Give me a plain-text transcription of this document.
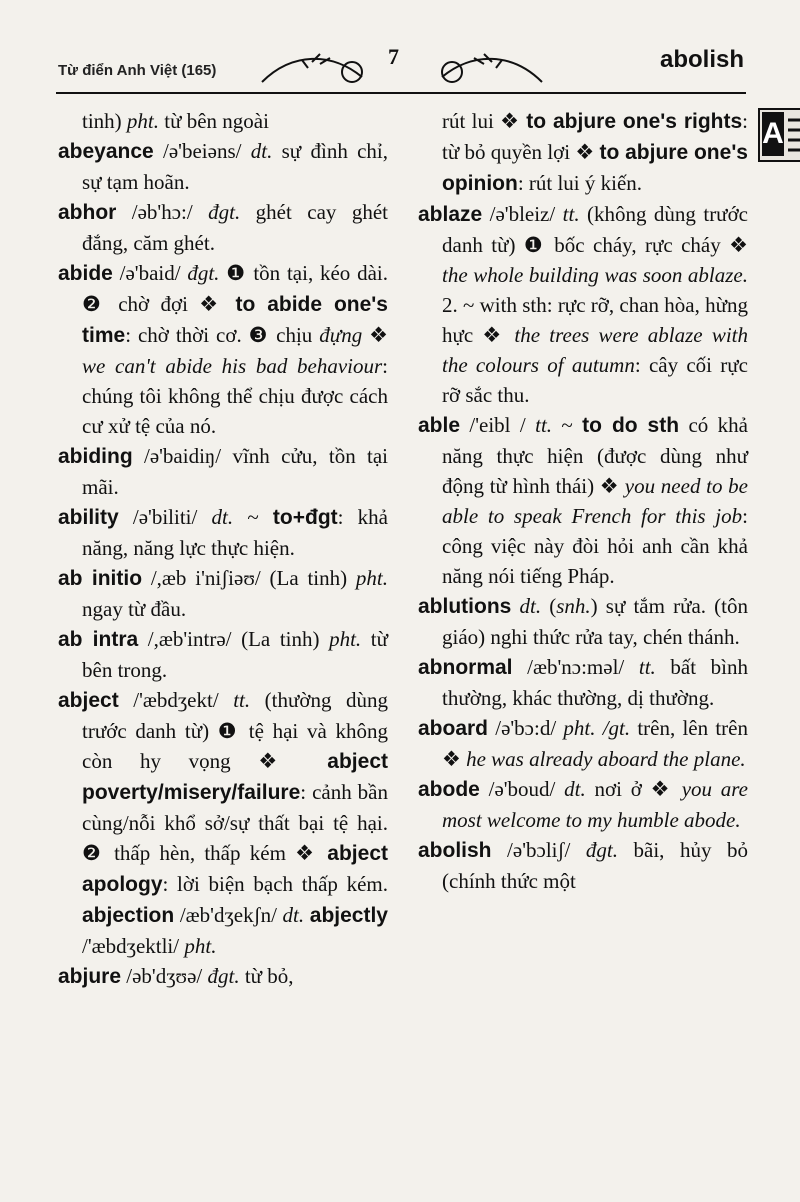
Từ điển Anh Việt (165)

7	abolish

A

tinh) pht. từ bên ngoài

abeyance /ə'beiəns/ dt. sự đình chỉ, sự tạm hoãn.

abhor /əb'hɔ:/ đgt. ghét cay ghét đắng, căm ghét.

abide /ə'baid/ đgt. ❶ tồn tại, kéo dài. ❷ chờ đợi ❖ to abide one's time: chờ thời cơ. ❸ chịu đựng ❖ we can't abide his bad behaviour: chúng tôi không thể chịu được cách cư xử tệ của nó.

abiding /ə'baidiŋ/ vĩnh cửu, tồn tại mãi.

ability /ə'biliti/ dt. ~ to+đgt: khả năng, năng lực thực hiện.

ab initio /,æb i'niʃiəʊ/ (La tinh) pht. ngay từ đầu.

ab intra /,æb'intrə/ (La tinh) pht. từ bên trong.

abject /'æbdʒekt/ tt. (thường dùng trước danh từ) ❶ tệ hại và không còn hy vọng ❖ abject poverty/misery/failure: cảnh bần cùng/nỗi khổ sở/sự thất bại tệ hại. ❷ thấp hèn, thấp kém ❖ abject apology: lời biện bạch thấp kém. abjection /æb'dʒekʃn/ dt. abjectly /'æbdʒektli/ pht.

abjure /əb'dʒʊə/ đgt. từ bỏ,

rút lui ❖ to abjure one's rights: từ bỏ quyền lợi ❖ to abjure one's opinion: rút lui ý kiến.

ablaze /ə'bleiz/ tt. (không dùng trước danh từ) ❶ bốc cháy, rực cháy ❖ the whole building was soon ablaze. 2. ~ with sth: rực rỡ, chan hòa, hừng hực ❖ the trees were ablaze with the colours of autumn: cây cối rực rỡ sắc thu.

able /'eibl / tt. ~ to do sth có khả năng thực hiện (được dùng như động từ hình thái) ❖ you need to be able to speak French for this job: công việc này đòi hỏi anh cần khả năng nói tiếng Pháp.

ablutions dt. (snh.) sự tắm rửa. (tôn giáo) nghi thức rửa tay, chén thánh.

abnormal /æb'nɔ:məl/ tt. bất bình thường, khác thường, dị thường.

aboard /ə'bɔ:d/ pht. /gt. trên, lên trên ❖ he was already aboard the plane.

abode /ə'boud/ dt. nơi ở ❖ you are most welcome to my humble abode.

abolish /ə'bɔliʃ/ đgt. bãi, hủy bỏ (chính thức một
